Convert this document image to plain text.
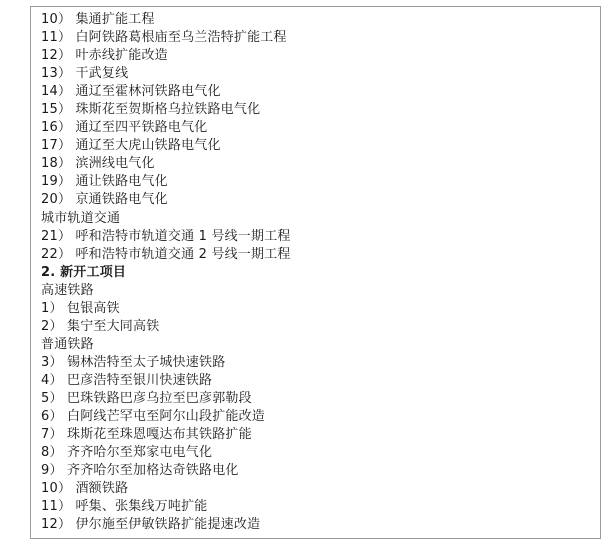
10） 集通扩能工程
11） 白阿铁路葛根庙至乌兰浩特扩能工程
12） 叶赤线扩能改造
13） 干武复线
14） 通辽至霍林河铁路电气化
15） 珠斯花至贺斯格乌拉铁路电气化
16） 通辽至四平铁路电气化
17） 通辽至大虎山铁路电气化
18） 滨洲线电气化
19） 通让铁路电气化
20） 京通铁路电气化
城市轨道交通
21） 呼和浩特市轨道交通 1 号线一期工程
22） 呼和浩特市轨道交通 2 号线一期工程
2. 新开工项目
高速铁路
1） 包银高铁
2） 集宁至大同高铁
普通铁路
3） 锡林浩特至太子城快速铁路
4） 巴彦浩特至银川快速铁路
5） 巴珠铁路巴彦乌拉至巴彦郭勒段
6） 白阿线芒罕屯至阿尔山段扩能改造
7） 珠斯花至珠恩嘎达布其铁路扩能
8） 齐齐哈尔至郑家屯电气化
9） 齐齐哈尔至加格达奇铁路电化
10） 酒额铁路
11） 呼集、张集线万吨扩能
12） 伊尔施至伊敏铁路扩能提速改造
